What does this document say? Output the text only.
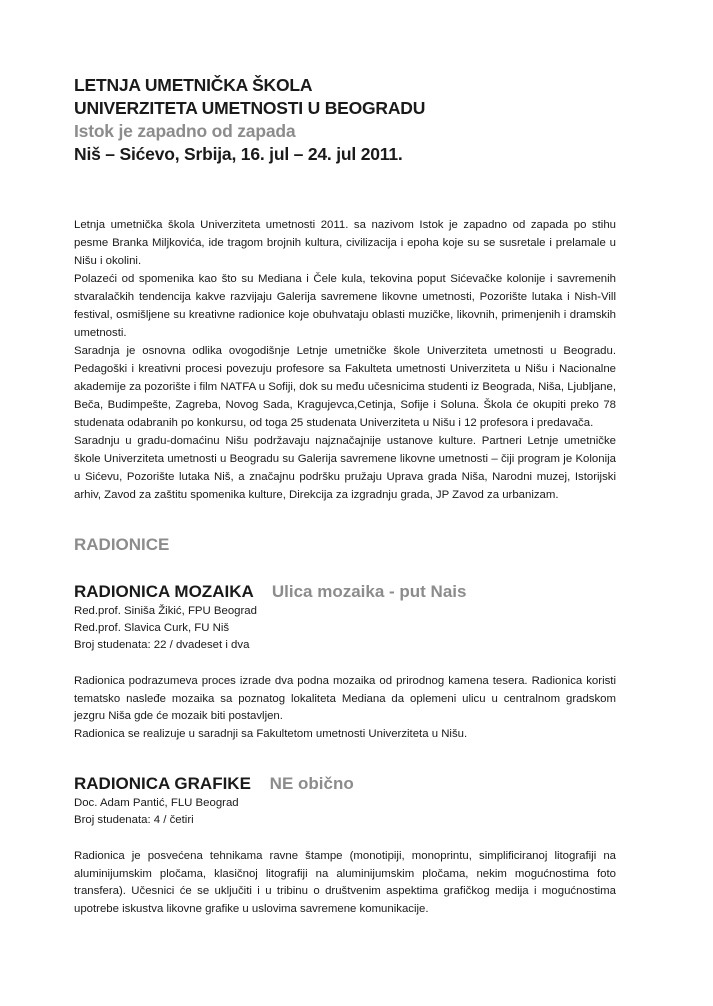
LETNJA UMETNIČKA ŠKOLA
UNIVERZITETA UMETNOSTI U BEOGRADU
Istok je zapadno od zapada
Niš – Sićevo, Srbija, 16. jul – 24. jul 2011.

Letnja umetnička škola Univerziteta umetnosti 2011. sa nazivom Istok je zapadno od zapada po stihu pesme Branka Miljkovića, ide tragom brojnih kultura, civilizacija i epoha koje su se susretale i prelamale u Nišu i okolini.

Polazeći od spomenika kao što su Mediana i Čele kula, tekovina poput Sićevačke kolonije i savremenih stvaralačkih tendencija kakve razvijaju Galerija savremene likovne umetnosti, Pozorište lutaka i Nish-Vill festival, osmišljene su kreativne radionice koje obuhvataju oblasti muzičke, likovnih, primenjenih i dramskih umetnosti.

Saradnja je osnovna odlika ovogodišnje Letnje umetničke škole Univerziteta umetnosti u Beogradu. Pedagoški i kreativni procesi povezuju profesore sa Fakulteta umetnosti Univerziteta u Nišu i Nacionalne akademije za pozorište i film NATFA u Sofiji, dok su među učesnicima studenti iz Beograda, Niša, Ljubljane, Beča, Budimpešte, Zagreba, Novog Sada, Kragujevca,Cetinja, Sofije i Soluna. Škola će okupiti preko 78 studenata odabranih po konkursu, od toga 25 studenata Univerziteta u Nišu i 12 profesora i predavača.

Saradnju u gradu-domaćinu Nišu podržavaju najznačajnije ustanove kulture. Partneri Letnje umetničke škole Univerziteta umetnosti u Beogradu su Galerija savremene likovne umetnosti – čiji program je Kolonija u Sićevu, Pozorište lutaka Niš, a značajnu podršku pružaju Uprava grada Niša, Narodni muzej, Istorijski arhiv, Zavod za zaštitu spomenika kulture, Direkcija za izgradnju grada, JP Zavod za urbanizam.

RADIONICE
RADIONICA MOZAIKA Ulica mozaika - put Nais
Red.prof. Siniša Žikić, FPU Beograd
Red.prof. Slavica Curk, FU Niš
Broj studenata: 22 / dvadeset i dva

Radionica podrazumeva proces izrade dva podna mozaika od prirodnog kamena tesera. Radionica koristi tematsko nasleđe mozaika sa poznatog lokaliteta Mediana da oplemeni ulicu u centralnom gradskom jezgru Niša gde će mozaik biti postavljen.

Radionica se realizuje u saradnji sa Fakultetom umetnosti Univerziteta u Nišu.

RADIONICA GRAFIKE NE obično
Doc. Adam Pantić, FLU Beograd
Broj studenata: 4 / četiri

Radionica je posvećena tehnikama ravne štampe (monotipiji, monoprintu, simplificiranoj litografiji na aluminijumskim pločama, klasičnoj litografiji na aluminijumskim pločama, nekim mogućnostima foto transfera). Učesnici će se uključiti i u tribinu o društvenim aspektima grafičkog medija i mogućnostima upotrebe iskustva likovne grafike u uslovima savremene komunikacije.
